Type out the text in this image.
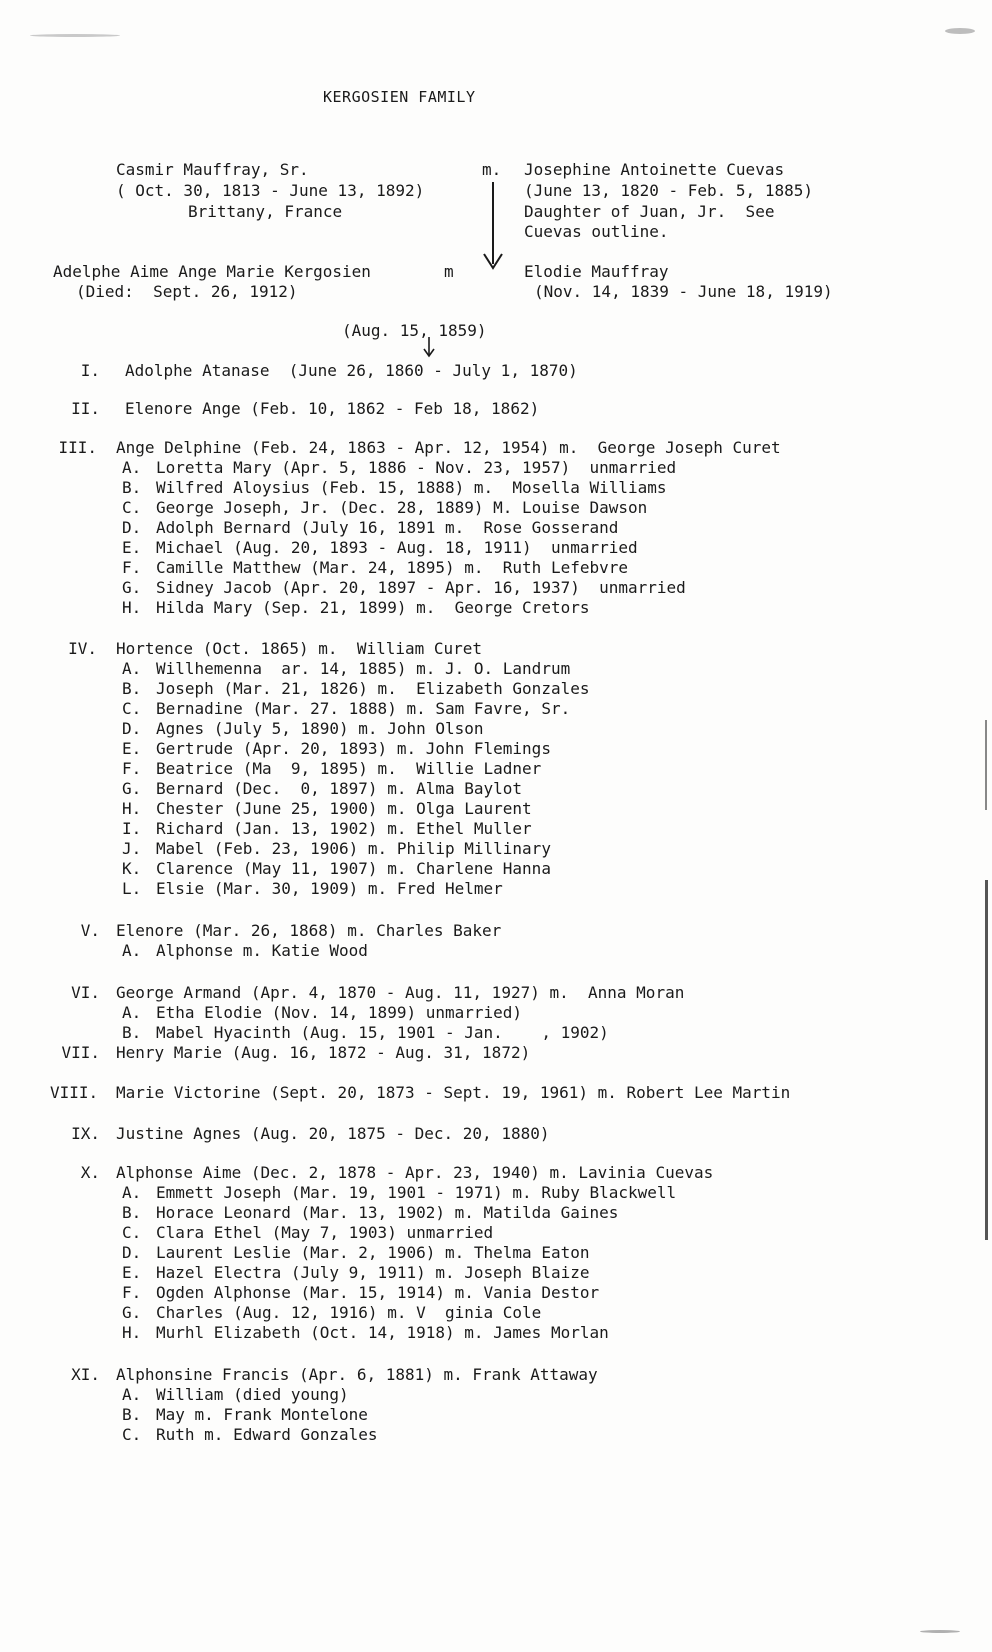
KERGOSIEN FAMILY
Casmir Mauffray, Sr.
( Oct. 30, 1813 - June 13, 1892)
Brittany, France
m. Josephine Antoinette Cuevas
(June 13, 1820 - Feb. 5, 1885)
Daughter of Juan, Jr.  See
Cuevas outline.
Adelphe Aime Ange Marie Kergosien
(Died:  Sept. 26, 1912)
m	Elodie Mauffray
(Nov. 14, 1839 - June 18, 1919)
(Aug. 15, 1859)
I. Adolphe Atanase  (June 26, 1860 - July 1, 1870)
II. Elenore Ange (Feb. 10, 1862 - Feb 18, 1862)
III. Ange Delphine (Feb. 24, 1863 - Apr. 12, 1954) m.  George Joseph Curet
A. Loretta Mary (Apr. 5, 1886 - Nov. 23, 1957)  unmarried
B. Wilfred Aloysius (Feb. 15, 1888) m.  Mosella Williams
C. George Joseph, Jr. (Dec. 28, 1889) M. Louise Dawson
D. Adolph Bernard (July 16, 1891 m.  Rose Gosserand
E. Michael (Aug. 20, 1893 - Aug. 18, 1911)  unmarried
F. Camille Matthew (Mar. 24, 1895) m.  Ruth Lefebvre
G. Sidney Jacob (Apr. 20, 1897 - Apr. 16, 1937)  unmarried
H. Hilda Mary (Sep. 21, 1899) m.  George Cretors
IV. Hortence (Oct. 1865) m.  William Curet
A. Willhemenna  ar. 14, 1885) m. J. O. Landrum
B. Joseph (Mar. 21, 1826) m.  Elizabeth Gonzales
C. Bernadine (Mar. 27. 1888) m. Sam Favre, Sr.
D. Agnes (July 5, 1890) m. John Olson
E. Gertrude (Apr. 20, 1893) m. John Flemings
F. Beatrice (Ma  9, 1895) m.  Willie Ladner
G. Bernard (Dec.  0, 1897) m. Alma Baylot
H. Chester (June 25, 1900) m. Olga Laurent
I. Richard (Jan. 13, 1902) m. Ethel Muller
J. Mabel (Feb. 23, 1906) m. Philip Millinary
K. Clarence (May 11, 1907) m. Charlene Hanna
L. Elsie (Mar. 30, 1909) m. Fred Helmer
V. Elenore (Mar. 26, 1868) m. Charles Baker
A. Alphonse m. Katie Wood
VI. George Armand (Apr. 4, 1870 - Aug. 11, 1927) m.  Anna Moran
A. Etha Elodie (Nov. 14, 1899) unmarried)
B. Mabel Hyacinth (Aug. 15, 1901 - Jan.    , 1902)
VII. Henry Marie (Aug. 16, 1872 - Aug. 31, 1872)
VIII. Marie Victorine (Sept. 20, 1873 - Sept. 19, 1961) m. Robert Lee Martin
IX. Justine Agnes (Aug. 20, 1875 - Dec. 20, 1880)
X. Alphonse Aime (Dec. 2, 1878 - Apr. 23, 1940) m. Lavinia Cuevas
A. Emmett Joseph (Mar. 19, 1901 - 1971) m. Ruby Blackwell
B. Horace Leonard (Mar. 13, 1902) m. Matilda Gaines
C. Clara Ethel (May 7, 1903) unmarried
D. Laurent Leslie (Mar. 2, 1906) m. Thelma Eaton
E. Hazel Electra (July 9, 1911) m. Joseph Blaize
F. Ogden Alphonse (Mar. 15, 1914) m. Vania Destor
G. Charles (Aug. 12, 1916) m. V  ginia Cole
H. Murhl Elizabeth (Oct. 14, 1918) m. James Morlan
XI. Alphonsine Francis (Apr. 6, 1881) m. Frank Attaway
A. William (died young)
B. May m. Frank Montelone
C. Ruth m. Edward Gonzales
